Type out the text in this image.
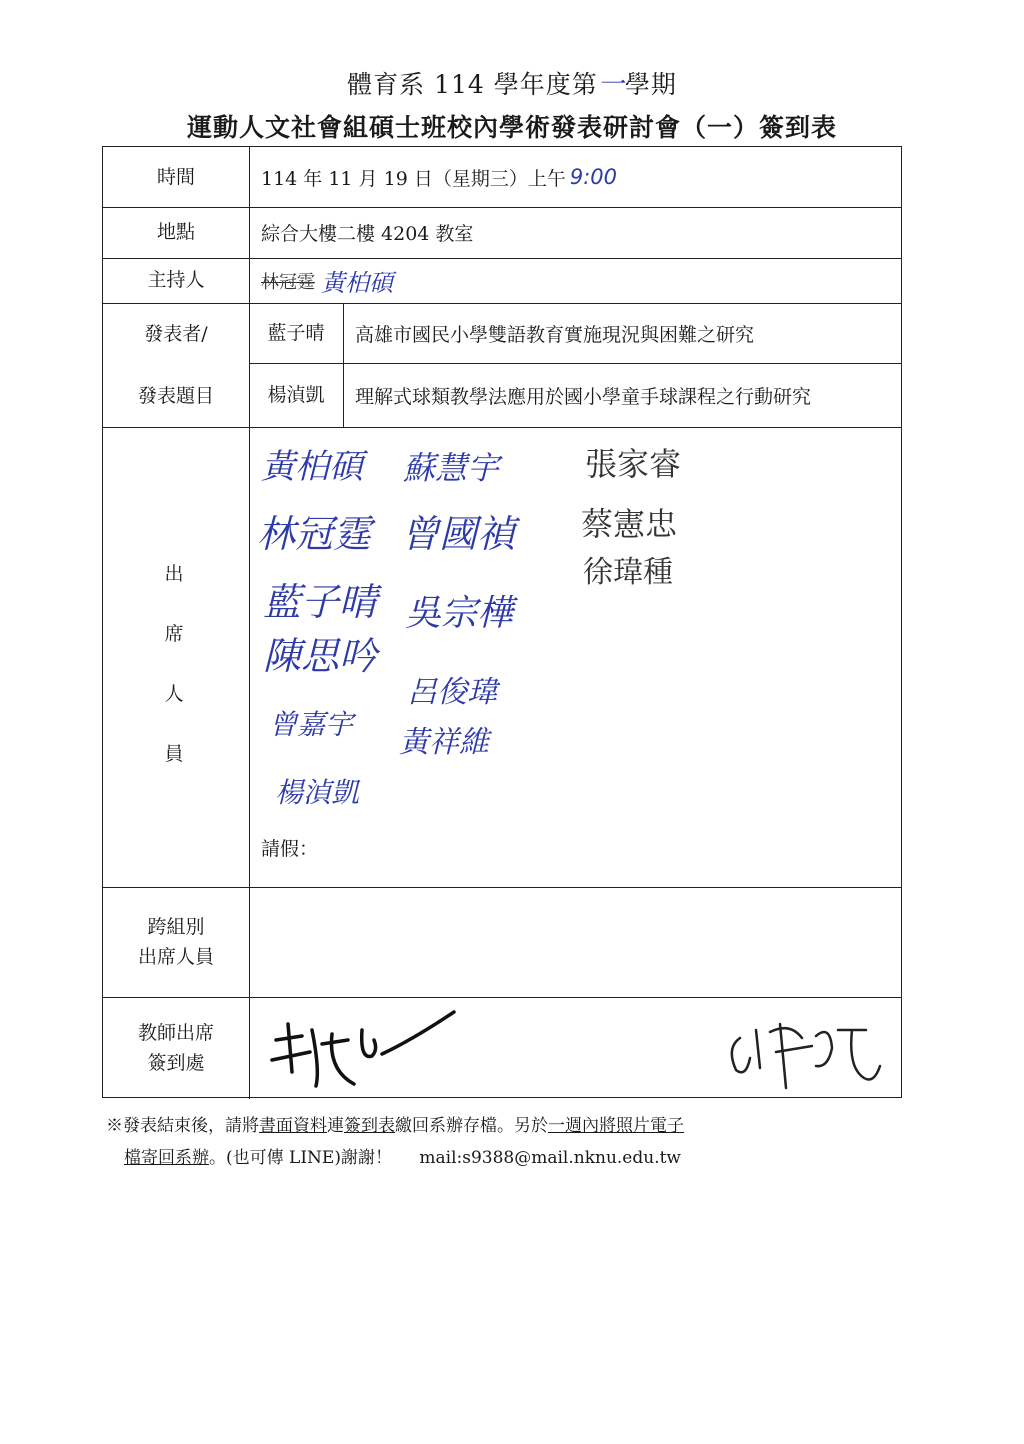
體育系 114 學年度第一學期
運動人文社會組碩士班校內學術發表研討會（一）簽到表
時間	114 年 11 月 19 日（星期三）上午 9:00
地點	綜合大樓二樓 4204 教室
主持人	林冠霆 黃柏碩
發表者/
發表題目
藍子晴	高雄市國民小學雙語教育實施現況與困難之研究
楊湞凱	理解式球類教學法應用於國小學童手球課程之行動研究
出
席
人
員
黃柏碩 蘇慧宇	張家睿
林冠霆 曾國禎 蔡憲忠
徐瑋種
藍子晴 吳宗樺
陳思吟
呂俊瑋
曾嘉宇
黃祥維
楊湞凱
請假：
跨組別
出席人員
教師出席
簽到處
※發表結束後，請將書面資料連簽到表繳回系辦存檔。另於一週內將照片電子
檔寄回系辦。(也可傳 LINE)謝謝！ mail:s9388@mail.nknu.edu.tw
